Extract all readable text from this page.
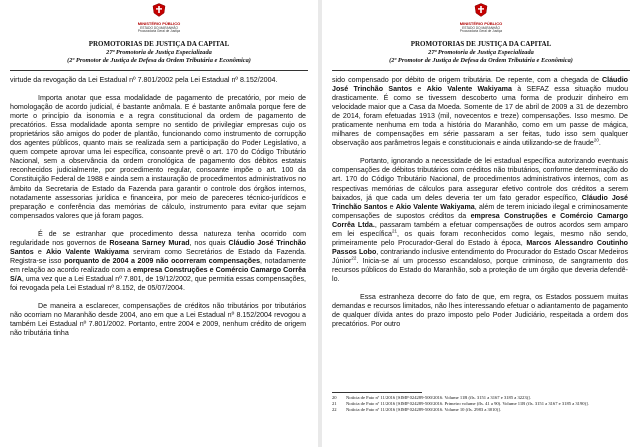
MINISTÉRIO PÚBLICO
ESTADO DO MARANHÃO
Procuradoria Geral de Justiça
PROMOTORIAS DE JUSTIÇA DA CAPITAL
27ª Promotoria de Justiça Especializada
(2º Promotor de Justiça de Defesa da Ordem Tributária e Econômica)

virtude da revogação da Lei Estadual nº 7.801/2002 pela Lei Estadual nº 8.152/2004.

Importa anotar que essa modalidade de pagamento de precatório, por meio de homologação de acordo judicial, é bastante anômala. E é bastante anômala porque fere de morte o princípio da isonomia e a regra constitucional da ordem de pagamento de precatórios. Essa modalidade aponta sempre no sentido de privilegiar empresas cujo os proprietários são amigos do poder de plantão, funcionando como instrumento de corrupção dos agentes públicos, quanto mais se realizada sem a participação do Poder Legislativo, a quem compete aprovar uma lei específica, consoante prevê o art. 170 do Código Tributário Nacional, sem a observância da ordem cronológica de pagamento dos débitos estatais reconhecidos judicialmente, por procedimento regular, consoante impõe o art. 100 da Constituição Federal de 1988 e ainda sem a instauração de procedimentos administrativos no âmbito da Secretaria de Estado da Fazenda para garantir o controle dos órgãos internos, notadamente assessorias jurídica e financeira, por meio de pareceres técnico-jurídicos e preparação e conferência das memórias de cálculo, instrumento para evitar que sejam compensados valores que já foram pagos.

É de se estranhar que procedimento dessa natureza tenha ocorrido com regularidade nos governos de Roseana Sarney Murad, nos quais Cláudio José Trinchão Santos e Akio Valente Wakiyama serviram como Secretários de Estado da Fazenda. Registra-se isso porquanto de 2004 a 2009 não ocorreram compensações, notadamente em relação ao acordo realizado com a empresa Construções e Comércio Camargo Corrêa S/A, uma vez que a Lei Estadual nº 7.801, de 19/12/2002, que permitia essas compensações, foi revogada pela Lei Estadual nº 8.152, de 05/07/2004.

De maneira a esclarecer, compensações de créditos não tributários por tributários não ocorriam no Maranhão desde 2004, ano em que a Lei Estadual nº 8.152/2004 revogou a também Lei Estadual nº 7.801/2002. Portanto, entre 2004 e 2009, nenhum crédito de origem não tributária tinha

MINISTÉRIO PÚBLICO
ESTADO DO MARANHÃO
Procuradoria Geral de Justiça
PROMOTORIAS DE JUSTIÇA DA CAPITAL
27ª Promotoria de Justiça Especializada
(2º Promotor de Justiça de Defesa da Ordem Tributária e Econômica)

sido compensado por débito de origem tributária. De repente, com a chegada de Cláudio José Trinchão Santos e Akio Valente Wakiyama à SEFAZ essa situação mudou drasticamente. É como se tivessem descoberto uma forma de produzir dinheiro em velocidade maior que a Casa da Moeda. Somente de 17 de abril de 2009 a 31 de dezembro de 2014, foram efetuadas 1913 (mil, novecentos e treze) compensações. Isso mesmo. De praticamente nenhuma em toda a história do Maranhão, como em um passe de mágica, milhares de compensações em série passaram a ser feitas, tudo isso sem qualquer observação aos parâmetros legais e constitucionais e ainda utilizando-se de fraude$^{20}$.

Portanto, ignorando a necessidade de lei estadual específica autorizando eventuais compensações de débitos tributários com créditos não tributários, conforme determinação do art. 170 do Código Tributário Nacional, de procedimentos administrativos internos, com as respectivas memórias de cálculos para assegurar efetivo controle dos créditos a serem baixados, já que cada um deles deveria ter um fato gerador específico, Cláudio José Trinchão Santos e Akio Valente Wakiyama, além de terem iniciado ilegal e criminosamente compensações de supostos créditos da empresa Construções e Comércio Camargo Corrêa Ltda., passaram também a efetuar compensações de outros acordos sem amparo em lei específica$^{21}$, os quais foram reconhecidos como legais, mesmo não sendo, primeiramente pelo Procurador-Geral do Estado à época, Marcos Alessandro Coutinho Passos Lobo, contrariando inclusive entendimento do Procurador do Estado Oscar Medeiros Júnior$^{22}$. Inicia-se aí um processo escandaloso, porque criminoso, de sangramento dos recursos públicos do Estado do Maranhão, sob a proteção de um órgão que deveria defendê-lo.

Essa estranheza decorre do fato de que, em regra, os Estados possuem muitas demandas e recursos limitados, não lhes interessando efetuar o adiantamento de pagamento de qualquer dívida antes do prazo imposto pelo Poder Judiciário, respeitada a ordem dos precatórios. Por outro

20	Notícia de Fato nº 11/2016 [SIMP 024289-500/2016. Volume 11B (fls. 3151 a 3167 e 3185 a 3223)].
21	Notícia de Fato nº 11/2016 [SIMP 024289-500/2016. Primeiro volume (fls. 41 a 90). Volume 11B (fls. 3151 a 3167 e 3185 a 3190)].
22	Notícia de Fato nº 11/2016 [SIMP 024289-500/2016. Volume 10 (fls. 2983 a 3010)].
